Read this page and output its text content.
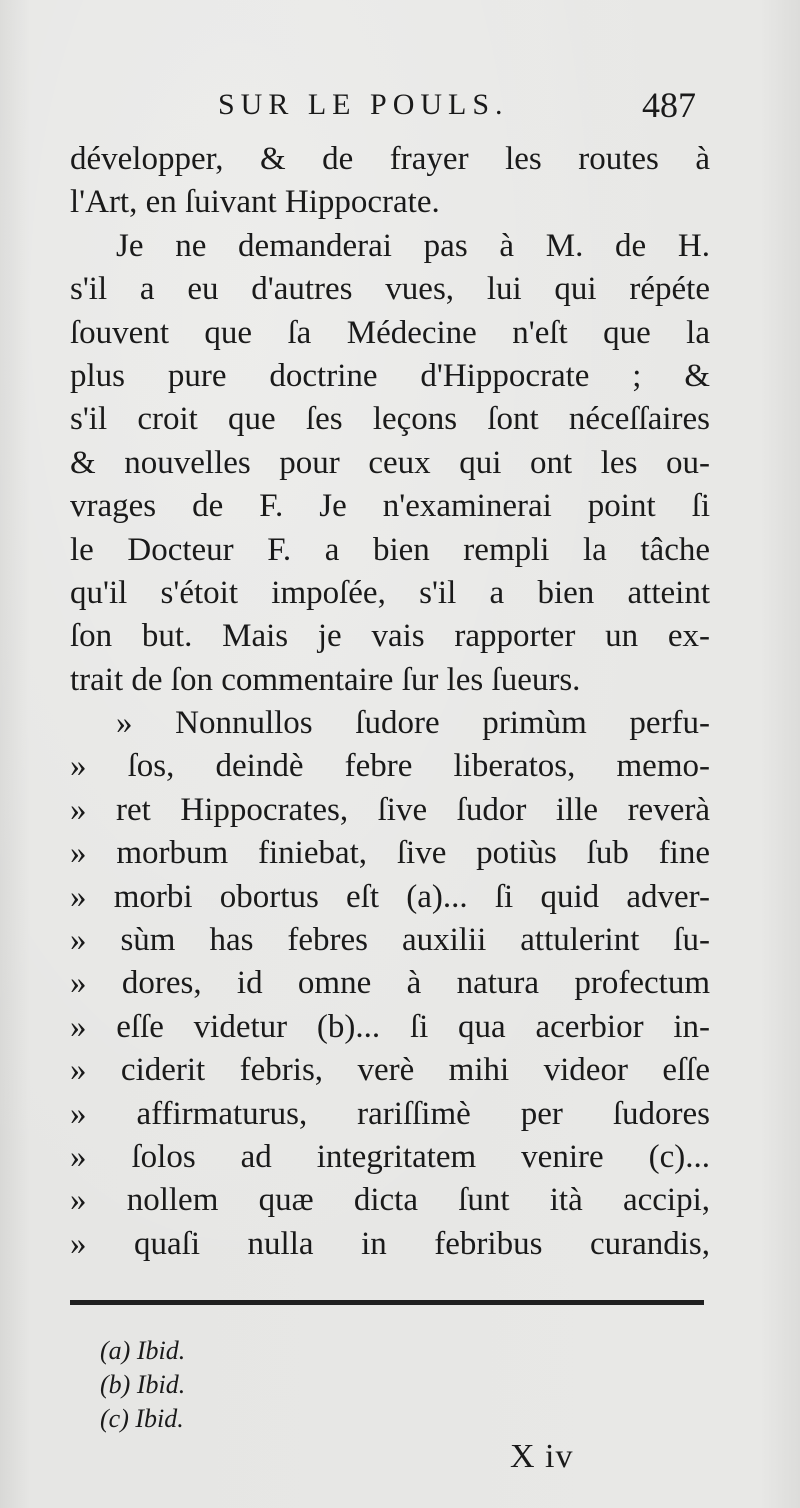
SUR LE POULS.	487
développer, & de frayer les routes à
l'Art, en ſuivant Hippocrate.
Je ne demanderai pas à M. de H.
s'il a eu d'autres vues, lui qui répéte
ſouvent que ſa Médecine n'eſt que la
plus pure doctrine d'Hippocrate ; &
s'il croit que ſes leçons ſont néceſſaires
& nouvelles pour ceux qui ont les ou-
vrages de F. Je n'examinerai point ſi
le Docteur F. a bien rempli la tâche
qu'il s'étoit impoſée, s'il a bien atteint
ſon but. Mais je vais rapporter un ex-
trait de ſon commentaire ſur les ſueurs.
» Nonnullos ſudore primùm perfu-
» ſos, deindè febre liberatos, memo-
» ret Hippocrates, ſive ſudor ille reverà
» morbum finiebat, ſive potiùs ſub fine
» morbi obortus eſt (a)... ſi quid adver-
» sùm has febres auxilii attulerint ſu-
» dores, id omne à natura profectum
» eſſe videtur (b)... ſi qua acerbior in-
» ciderit febris, verè mihi videor eſſe
» affirmaturus, rariſſimè per ſudores
» ſolos ad integritatem venire (c)...
» nollem quæ dicta ſunt ità accipi,
» quaſi nulla in febribus curandis,
(a) Ibid.
(b) Ibid.
(c) Ibid.
X iv
